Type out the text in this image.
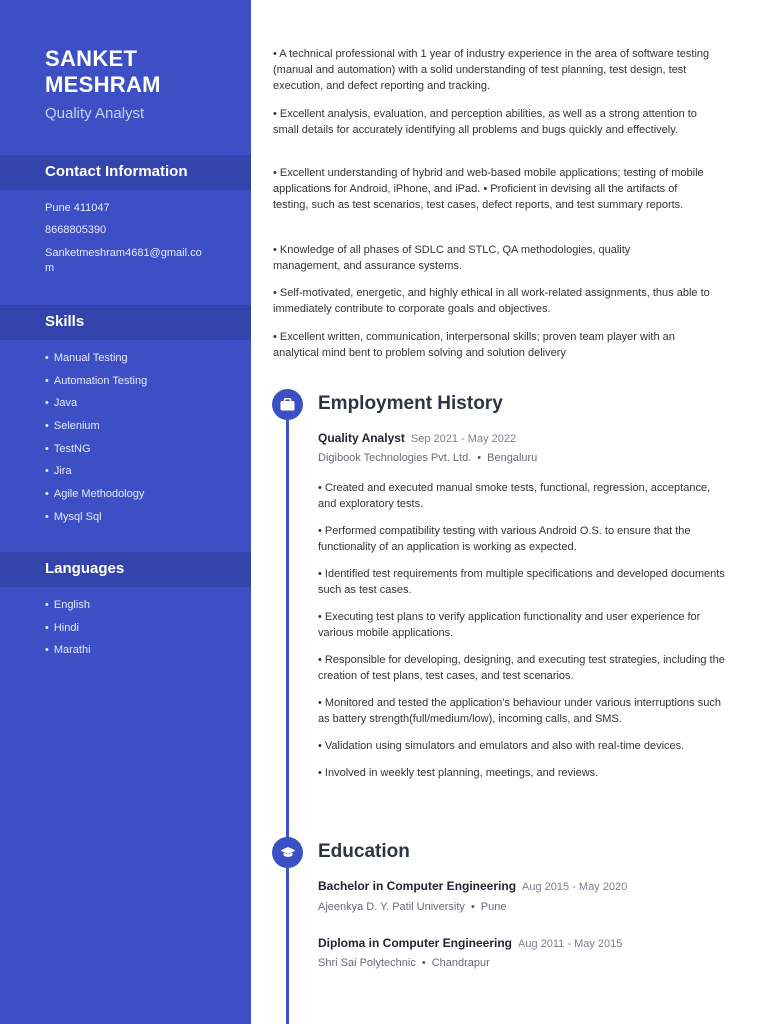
SANKET
MESHRAM
Quality Analyst
Contact Information
Pune 411047
8668805390
Sanketmeshram4681@gmail.co
m
Skills
• Manual Testing
• Automation Testing
• Java
• Selenium
• TestNG
• Jira
• Agile Methodology
• Mysql Sql
Languages
• English
• Hindi
• Marathi

• A technical professional with 1 year of industry experience in the area of software testing (manual and automation) with a solid understanding of test planning, test design, test execution, and defect reporting and tracking.

• Excellent analysis, evaluation, and perception abilities, as well as a strong attention to small details for accurately identifying all problems and bugs quickly and effectively.

• Excellent understanding of hybrid and web-based mobile applications; testing of mobile applications for Android, iPhone, and iPad. • Proficient in devising all the artifacts of testing, such as test scenarios, test cases, defect reports, and test summary reports.

• Knowledge of all phases of SDLC and STLC, QA methodologies, quality management, and assurance systems.

• Self-motivated, energetic, and highly ethical in all work-related assignments, thus able to immediately contribute to corporate goals and objectives.

• Excellent written, communication, interpersonal skills; proven team player with an analytical mind bent to problem solving and solution delivery

Employment History
Quality Analyst Sep 2021 - May 2022
Digibook Technologies Pvt. Ltd. • Bengaluru

• Created and executed manual smoke tests, functional, regression, acceptance, and exploratory tests.

• Performed compatibility testing with various Android O.S. to ensure that the functionality of an application is working as expected.

• Identified test requirements from multiple specifications and developed documents such as test cases.

• Executing test plans to verify application functionality and user experience for various mobile applications.

• Responsible for developing, designing, and executing test strategies, including the creation of test plans, test cases, and test scenarios.

• Monitored and tested the application’s behaviour under various interruptions such as battery strength(full/medium/low), incoming calls, and SMS.

• Validation using simulators and emulators and also with real-time devices.

• Involved in weekly test planning, meetings, and reviews.

Education
Bachelor in Computer Engineering Aug 2015 - May 2020
Ajeenkya D. Y. Patil University • Pune
Diploma in Computer Engineering Aug 2011 - May 2015
Shri Sai Polytechnic • Chandrapur
